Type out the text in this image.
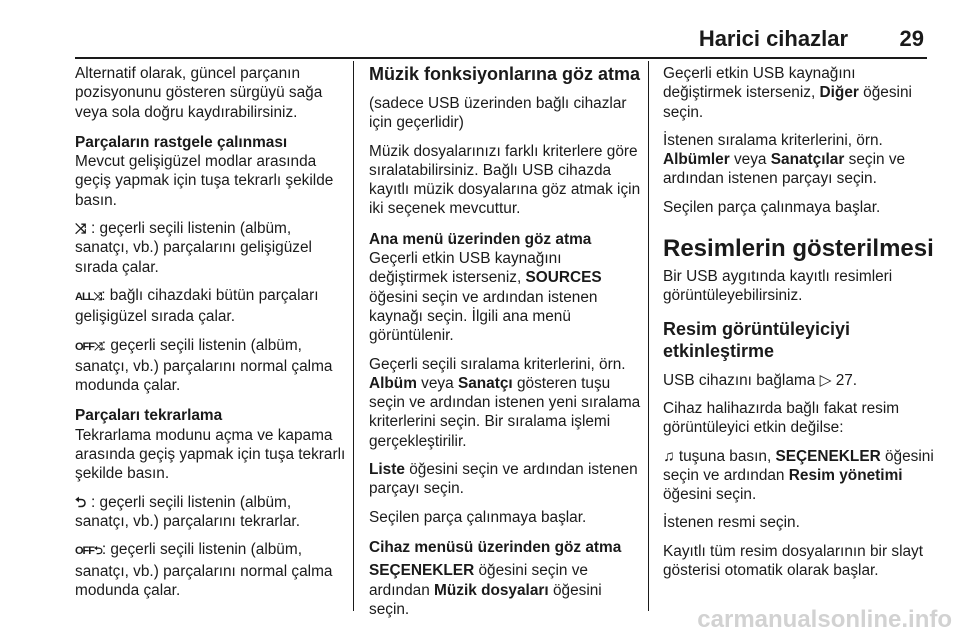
Harici cihazlar 29

Alternatif olarak, güncel parçanın pozisyonunu gösteren sürgüyü sağa veya sola doğru kaydırabilirsiniz.

Parçaların rastgele çalınması

Mevcut gelişigüzel modlar arasında geçiş yapmak için tuşa tekrarlı şekilde basın.

⤨ : geçerli seçili listenin (albüm, sanatçı, vb.) parçalarını gelişigüzel sırada çalar.

ALL⤨: bağlı cihazdaki bütün parçaları gelişigüzel sırada çalar.

OFF⤨: geçerli seçili listenin (albüm, sanatçı, vb.) parçalarını normal çalma modunda çalar.

Parçaları tekrarlama

Tekrarlama modunu açma ve kapama arasında geçiş yapmak için tuşa tekrarlı şekilde basın.

⮌ : geçerli seçili listenin (albüm, sanatçı, vb.) parçalarını tekrarlar.

OFF⮌: geçerli seçili listenin (albüm, sanatçı, vb.) parçalarını normal çalma modunda çalar.

Müzik fonksiyonlarına göz atma

(sadece USB üzerinden bağlı cihazlar için geçerlidir)

Müzik dosyalarınızı farklı kriterlere göre sıralatabilirsiniz. Bağlı USB cihazda kayıtlı müzik dosyalarına göz atmak için iki seçenek mevcuttur.

Ana menü üzerinden göz atma

Geçerli etkin USB kaynağını değiştirmek isterseniz, SOURCES öğesini seçin ve ardından istenen kaynağı seçin. İlgili ana menü görüntülenir.

Geçerli seçili sıralama kriterlerini, örn. Albüm veya Sanatçı gösteren tuşu seçin ve ardından istenen yeni sıralama kriterlerini seçin. Bir sıralama işlemi gerçekleştirilir.

Liste öğesini seçin ve ardından istenen parçayı seçin.

Seçilen parça çalınmaya başlar.

Cihaz menüsü üzerinden göz atma

SEÇENEKLER öğesini seçin ve ardından Müzik dosyaları öğesini seçin.

Geçerli etkin USB kaynağını değiştirmek isterseniz, Diğer öğesini seçin.

İstenen sıralama kriterlerini, örn. Albümler veya Sanatçılar seçin ve ardından istenen parçayı seçin.

Seçilen parça çalınmaya başlar.

Resimlerin gösterilmesi

Bir USB aygıtında kayıtlı resimleri görüntüleyebilirsiniz.

Resim görüntüleyiciyi etkinleştirme

USB cihazını bağlama ▷ 27.

Cihaz halihazırda bağlı fakat resim görüntüleyici etkin değilse:

♫ tuşuna basın, SEÇENEKLER öğesini seçin ve ardından Resim yönetimi öğesini seçin.

İstenen resmi seçin.

Kayıtlı tüm resim dosyalarının bir slayt gösterisi otomatik olarak başlar.

carmanualsonline.info
